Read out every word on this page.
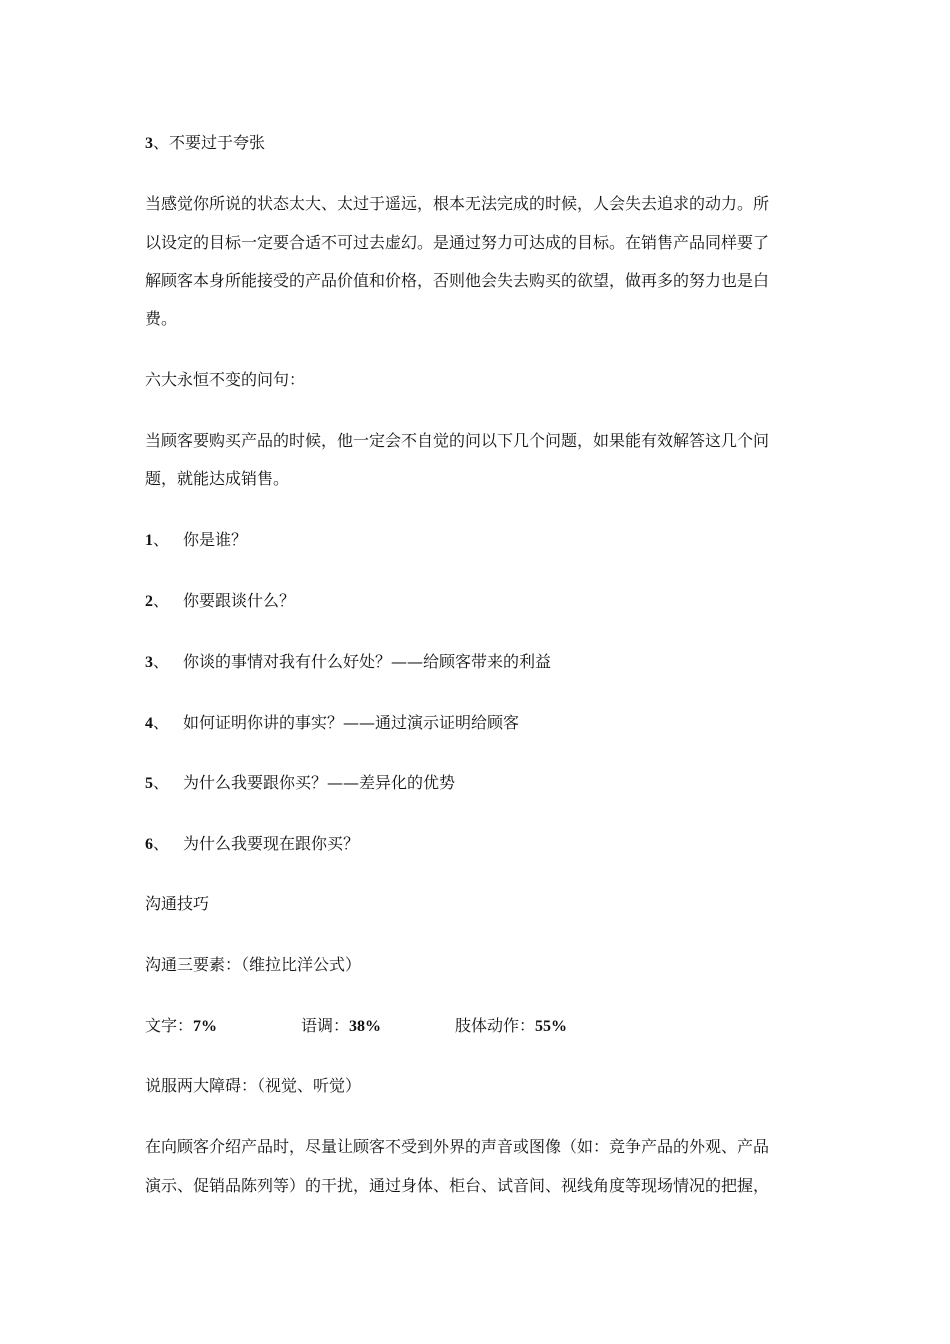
3、不要过于夸张
当感觉你所说的状态太大、太过于遥远，根本无法完成的时候，人会失去追求的动力。所
以设定的目标一定要合适不可过去虚幻。是通过努力可达成的目标。在销售产品同样要了
解顾客本身所能接受的产品价值和价格，否则他会失去购买的欲望，做再多的努力也是白
费。
六大永恒不变的问句：
当顾客要购买产品的时候，他一定会不自觉的问以下几个问题，如果能有效解答这几个问
题，就能达成销售。
1、 你是谁？
2、 你要跟谈什么？
3、 你谈的事情对我有什么好处？——给顾客带来的利益
4、 如何证明你讲的事实？——通过演示证明给顾客
5、 为什么我要跟你买？——差异化的优势
6、 为什么我要现在跟你买？
沟通技巧
沟通三要素：（维拉比洋公式）
文字：7%	语调：38%	肢体动作：55%
说服两大障碍：（视觉、听觉）
在向顾客介绍产品时，尽量让顾客不受到外界的声音或图像（如：竞争产品的外观、产品
演示、促销品陈列等）的干扰，通过身体、柜台、试音间、视线角度等现场情况的把握，
